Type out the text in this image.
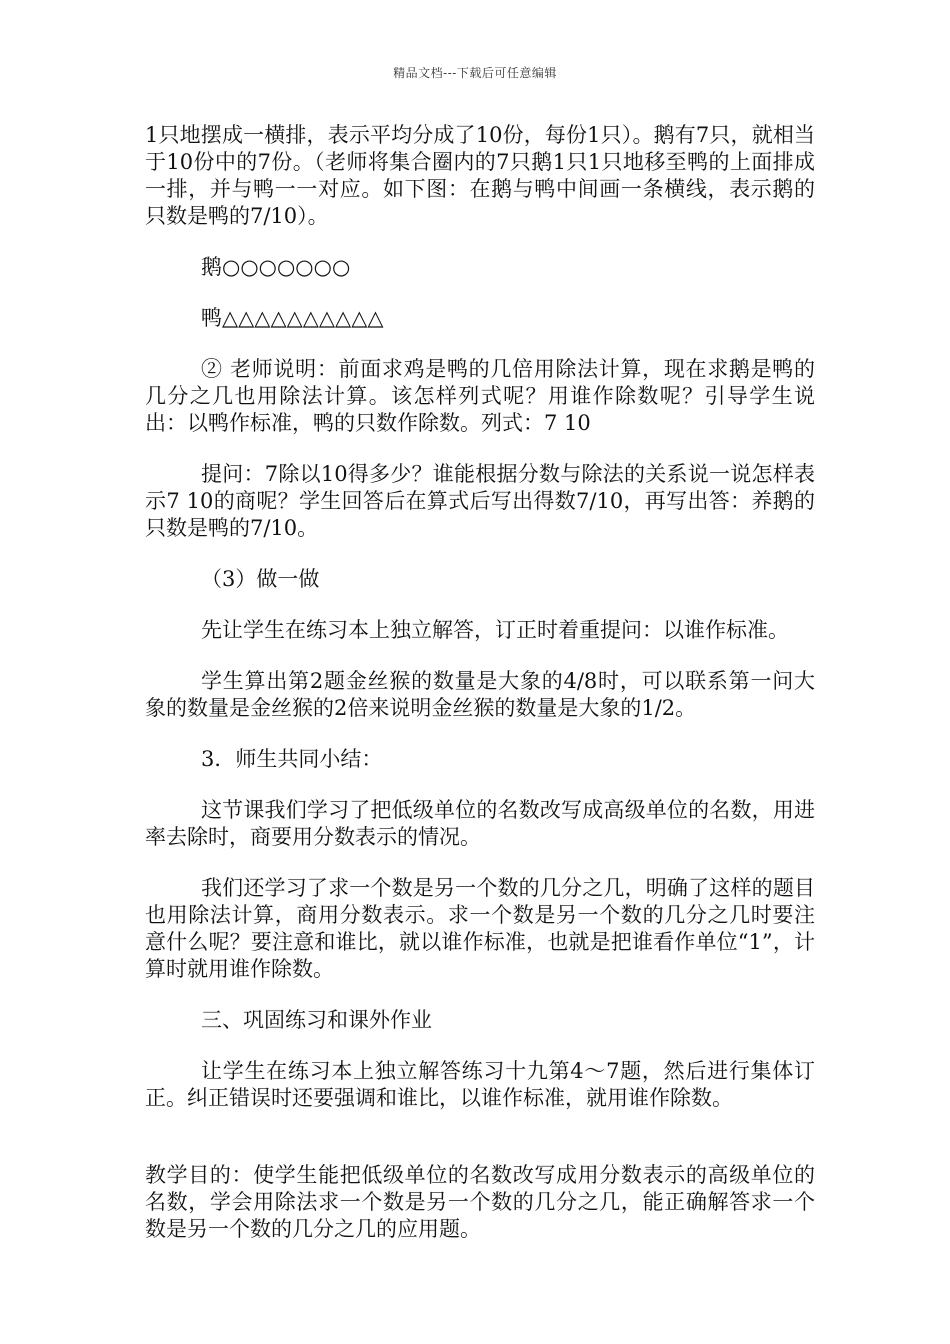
精品文档---下载后可任意编辑

1只地摆成一横排，表示平均分成了10份，每份1只）。鹅有7只，就相当于10份中的7份。（老师将集合圈内的7只鹅1只1只地移至鸭的上面排成一排，并与鸭一一对应。如下图：在鹅与鸭中间画一条横线，表示鹅的只数是鸭的7/10）。

鹅○○○○○○○

鸭△△△△△△△△△△

② 老师说明：前面求鸡是鸭的几倍用除法计算，现在求鹅是鸭的几分之几也用除法计算。该怎样列式呢？用谁作除数呢？引导学生说出：以鸭作标准，鸭的只数作除数。列式：7 10

提问：7除以10得多少？谁能根据分数与除法的关系说一说怎样表示7 10的商呢？学生回答后在算式后写出得数7/10，再写出答：养鹅的只数是鸭的7/10。

（3）做一做

先让学生在练习本上独立解答，订正时着重提问：以谁作标准。

学生算出第2题金丝猴的数量是大象的4/8时，可以联系第一问大象的数量是金丝猴的2倍来说明金丝猴的数量是大象的1/2。

3．师生共同小结：

这节课我们学习了把低级单位的名数改写成高级单位的名数，用进率去除时，商要用分数表示的情况。

我们还学习了求一个数是另一个数的几分之几，明确了这样的题目也用除法计算，商用分数表示。求一个数是另一个数的几分之几时要注意什么呢？要注意和谁比，就以谁作标准，也就是把谁看作单位“1”，计算时就用谁作除数。

三、巩固练习和课外作业

让学生在练习本上独立解答练习十九第4～7题，然后进行集体订正。纠正错误时还要强调和谁比，以谁作标准，就用谁作除数。

教学目的：使学生能把低级单位的名数改写成用分数表示的高级单位的名数，学会用除法求一个数是另一个数的几分之几，能正确解答求一个数是另一个数的几分之几的应用题。
